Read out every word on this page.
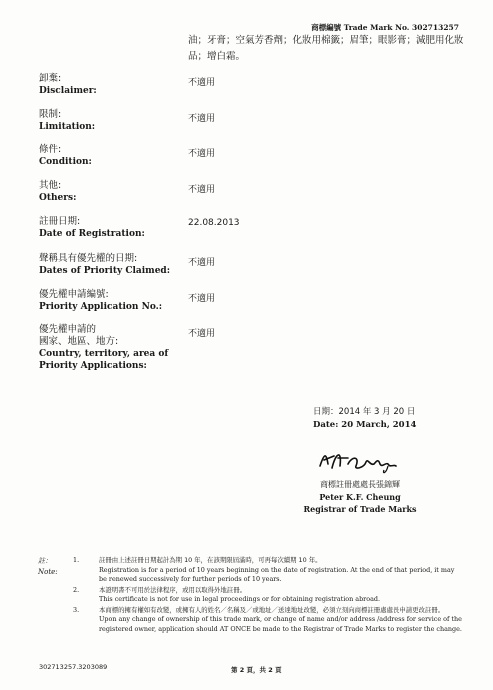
商標編號 Trade Mark No. 302713257
油；牙膏；空氣芳香劑；化妝用棉籤；眉筆；眼影膏；減肥用化妝品；增白霜。
卸棄:
Disclaimer:
不適用
限制:
Limitation:
不適用
條件:
Condition:
不適用
其他:
Others:
不適用
註冊日期:
Date of Registration:
22.08.2013
聲稱具有優先權的日期:
Dates of Priority Claimed:
不適用
優先權申請編號:
Priority Application No.:
不適用
優先權申請的
國家、地區、地方:
Country, territory, area of
Priority Applications:
不適用
日期：2014 年 3 月 20 日
Date: 20 March, 2014
商標註冊處處長張錦輝
Peter K.F. Cheung
Registrar of Trade Marks
註：
Note:
1.	註冊由上述註冊日期起計為期 10 年，在該期限屆滿時，可再每次續期 10 年。
Registration is for a period of 10 years beginning on the date of registration. At the end of that period, it may be renewed successively for further periods of 10 years.
2.	本證明書不可用於法律程序，或用以取得外地註冊。
This certificate is not for use in legal proceedings or for obtaining registration abroad.
3.	本商標的擁有權如有改變，或擁有人的姓名／名稱及／或地址／送達地址改變，必須立刻向商標註冊處處長申請更改註冊。
Upon any change of ownership of this trade mark, or change of name and/or address /address for service of the registered owner, application should AT ONCE be made to the Registrar of Trade Marks to register the change.
302713257.3203089	第 2 頁，共 2 頁
